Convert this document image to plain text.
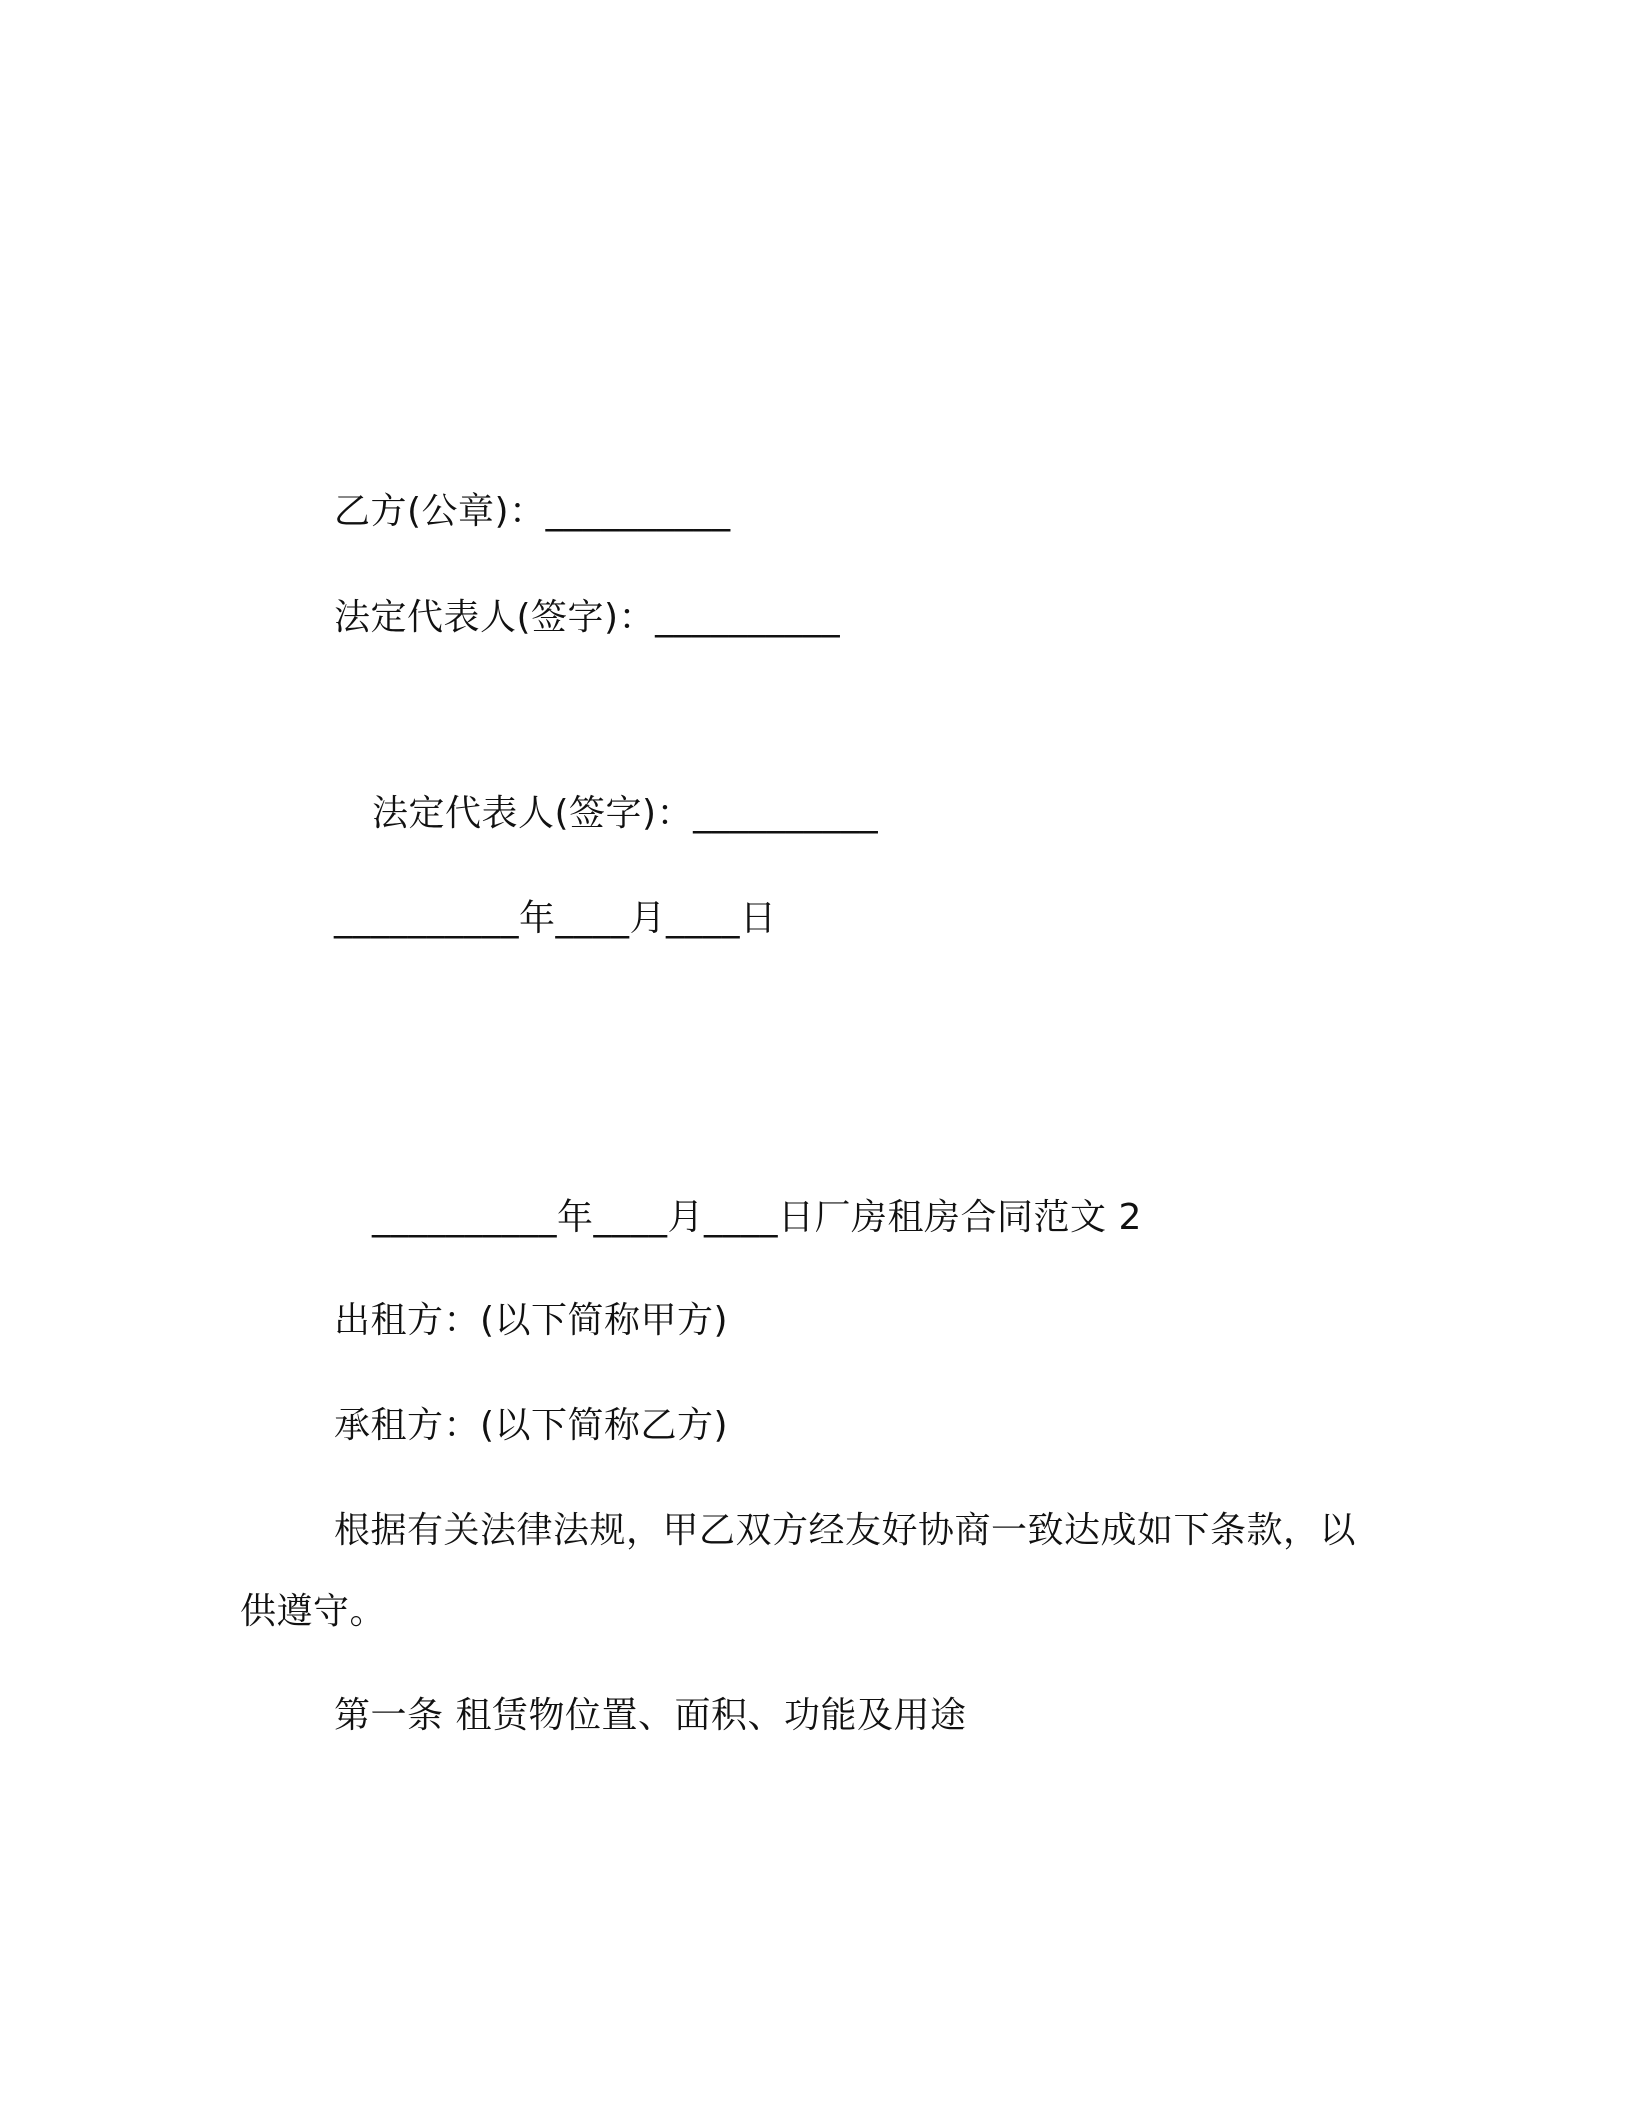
乙方(公章)：__________
法定代表人(签字)：__________
法定代表人(签字)：__________
__________年____月____日
__________年____月____日厂房租房合同范文 2
出租方：(以下简称甲方)
承租方：(以下简称乙方)
根据有关法律法规，甲乙双方经友好协商一致达成如下条款，以
供遵守。
第一条 租赁物位置、面积、功能及用途
